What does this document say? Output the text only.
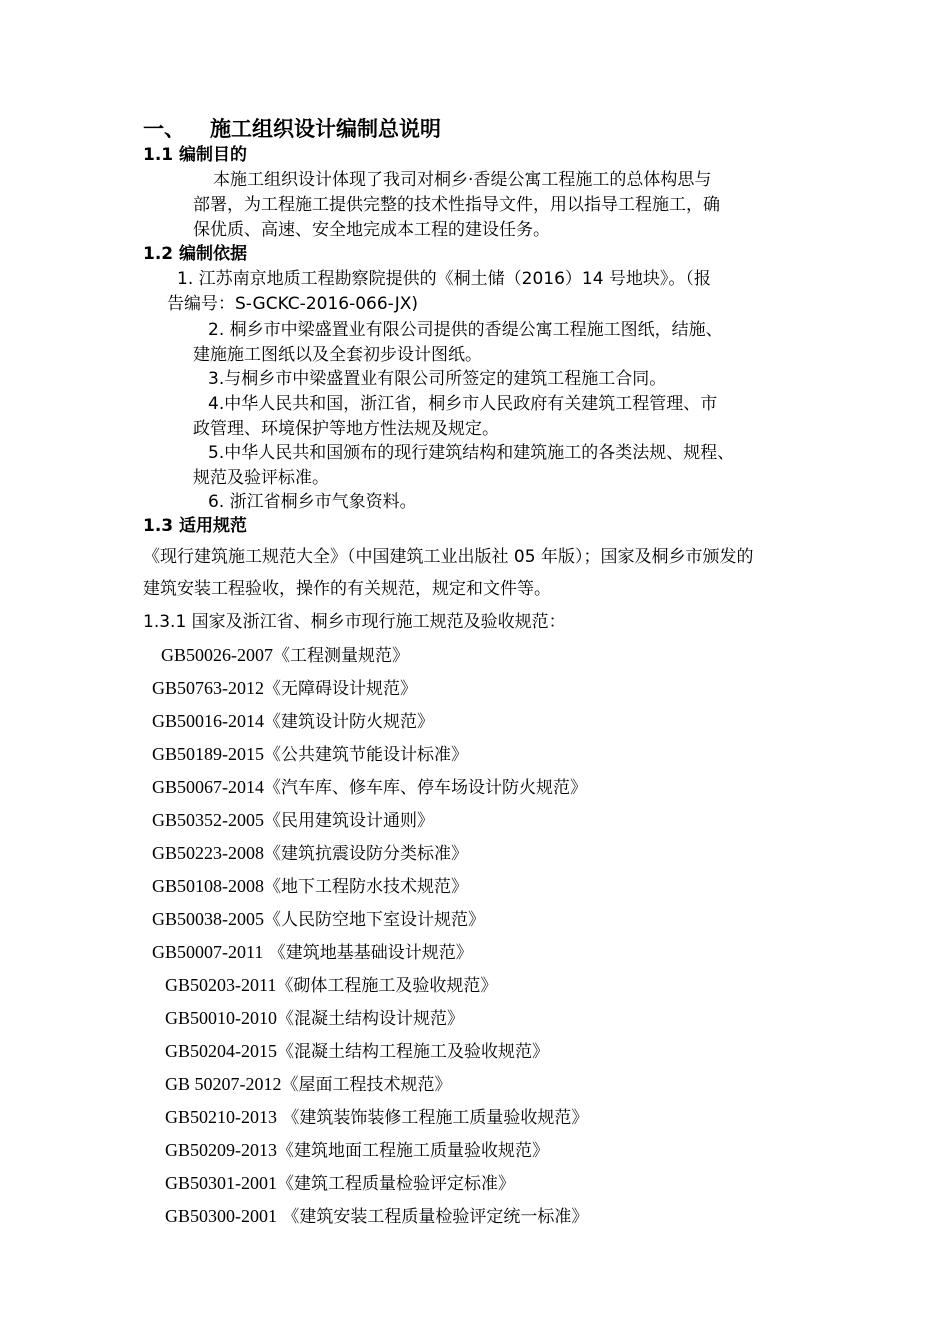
一、 施工组织设计编制总说明
1.1 编制目的
本施工组织设计体现了我司对桐乡·香缇公寓工程施工的总体构思与
部署，为工程施工提供完整的技术性指导文件，用以指导工程施工，确
保优质、高速、安全地完成本工程的建设任务。
1.2 编制依据
1. 江苏南京地质工程勘察院提供的《桐土储（2016）14 号地块》。（报
告编号：S-GCKC-2016-066-JX)
2. 桐乡市中梁盛置业有限公司提供的香缇公寓工程施工图纸，结施、
建施施工图纸以及全套初步设计图纸。
3.与桐乡市中梁盛置业有限公司所签定的建筑工程施工合同。
4.中华人民共和国，浙江省，桐乡市人民政府有关建筑工程管理、市
政管理、环境保护等地方性法规及规定。
5.中华人民共和国颁布的现行建筑结构和建筑施工的各类法规、规程、
规范及验评标准。
6. 浙江省桐乡市气象资料。
1.3 适用规范
《现行建筑施工规范大全》（中国建筑工业出版社 05 年版）；国家及桐乡市颁发的
建筑安装工程验收，操作的有关规范，规定和文件等。
1.3.1 国家及浙江省、桐乡市现行施工规范及验收规范：
GB50026-2007《工程测量规范》
GB50763-2012《无障碍设计规范》
GB50016-2014《建筑设计防火规范》
GB50189-2015《公共建筑节能设计标准》
GB50067-2014《汽车库、修车库、停车场设计防火规范》
GB50352-2005《民用建筑设计通则》
GB50223-2008《建筑抗震设防分类标准》
GB50108-2008《地下工程防水技术规范》
GB50038-2005《人民防空地下室设计规范》
GB50007-2011 《建筑地基基础设计规范》
GB50203-2011《砌体工程施工及验收规范》
GB50010-2010《混凝土结构设计规范》
GB50204-2015《混凝土结构工程施工及验收规范》
GB 50207-2012《屋面工程技术规范》
GB50210-2013 《建筑装饰装修工程施工质量验收规范》
GB50209-2013《建筑地面工程施工质量验收规范》
GB50301-2001《建筑工程质量检验评定标准》
GB50300-2001 《建筑安装工程质量检验评定统一标准》
